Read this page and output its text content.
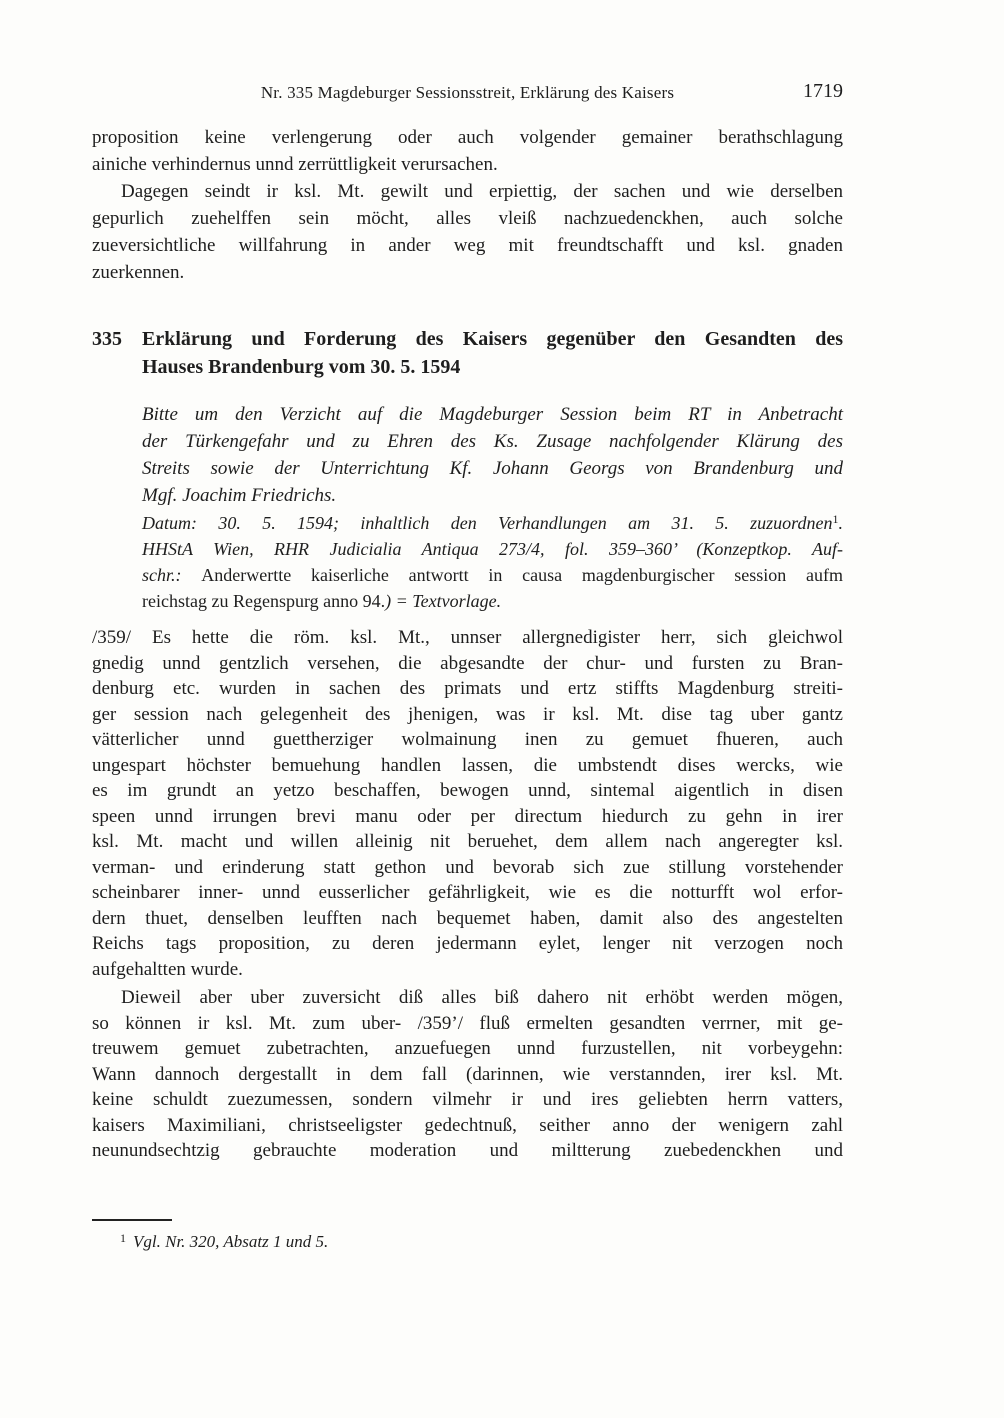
Nr. 335 Magdeburger Sessionsstreit, Erklärung des Kaisers	1719
proposition keine verlengerung oder auch volgender gemainer berathschlagung
ainiche verhindernus unnd zerrüttligkeit verursachen.
Dagegen seindt ir ksl. Mt. gewilt und erpiettig, der sachen und wie derselben
gepurlich zuehelffen sein möcht, alles vleiß nachzuedenckhen, auch solche
zueversichtliche willfahrung in ander weg mit freundtschafft und ksl. gnaden
zuerkennen.
335 Erklärung und Forderung des Kaisers gegenüber den Gesandten des
Hauses Brandenburg vom 30. 5. 1594
Bitte um den Verzicht auf die Magdeburger Session beim RT in Anbetracht
der Türkengefahr und zu Ehren des Ks. Zusage nachfolgender Klärung des
Streits sowie der Unterrichtung Kf. Johann Georgs von Brandenburg und
Mgf. Joachim Friedrichs.
Datum: 30. 5. 1594; inhaltlich den Verhandlungen am 31. 5. zuzuordnen$^1$.
HHStA Wien, RHR Judicialia Antiqua 273/4, fol. 359–360’ (Konzeptkop. Auf-
schr.: Anderwertte kaiserliche antwortt in causa magdenburgischer session aufm
reichstag zu Regenspurg anno 94.) = Textvorlage.
/359/ Es hette die röm. ksl. Mt., unnser allergnedigister herr, sich gleichwol
gnedig unnd gentzlich versehen, die abgesandte der chur- und fursten zu Bran-
denburg etc. wurden in sachen des primats und ertz stiffts Magdenburg streiti-
ger session nach gelegenheit des jhenigen, was ir ksl. Mt. dise tag uber gantz
vätterlicher unnd guettherziger wolmainung inen zu gemuet fhueren, auch
ungespart höchster bemuehung handlen lassen, die umbstendt dises wercks, wie
es im grundt an yetzo beschaffen, bewogen unnd, sintemal aigentlich in disen
speen unnd irrungen brevi manu oder per directum hiedurch zu gehn in irer
ksl. Mt. macht und willen alleinig nit beruehet, dem allem nach angeregter ksl.
verman- und erinderung statt gethon und bevorab sich zue stillung vorstehender
scheinbarer inner- unnd eusserlicher gefährligkeit, wie es die notturfft wol erfor-
dern thuet, denselben leufften nach bequemet haben, damit also des angestelten
Reichs tags proposition, zu deren jedermann eylet, lenger nit verzogen noch
aufgehaltten wurde.
Dieweil aber uber zuversicht diß alles biß dahero nit erhöbt werden mögen,
so können ir ksl. Mt. zum uber- /359’/ fluß ermelten gesandten verrner, mit ge-
treuwem gemuet zubetrachten, anzuefuegen unnd furzustellen, nit vorbeygehn:
Wann dannoch dergestallt in dem fall (darinnen, wie verstannden, irer ksl. Mt.
keine schuldt zuezumessen, sondern vilmehr ir und ires geliebten herrn vatters,
kaisers Maximiliani, christseeligster gedechtnuß, seither anno der wenigern zahl
neunundsechtzig gebrauchte moderation und miltterung zuebedenckhen und
$^1$ Vgl. Nr. 320, Absatz 1 und 5.
